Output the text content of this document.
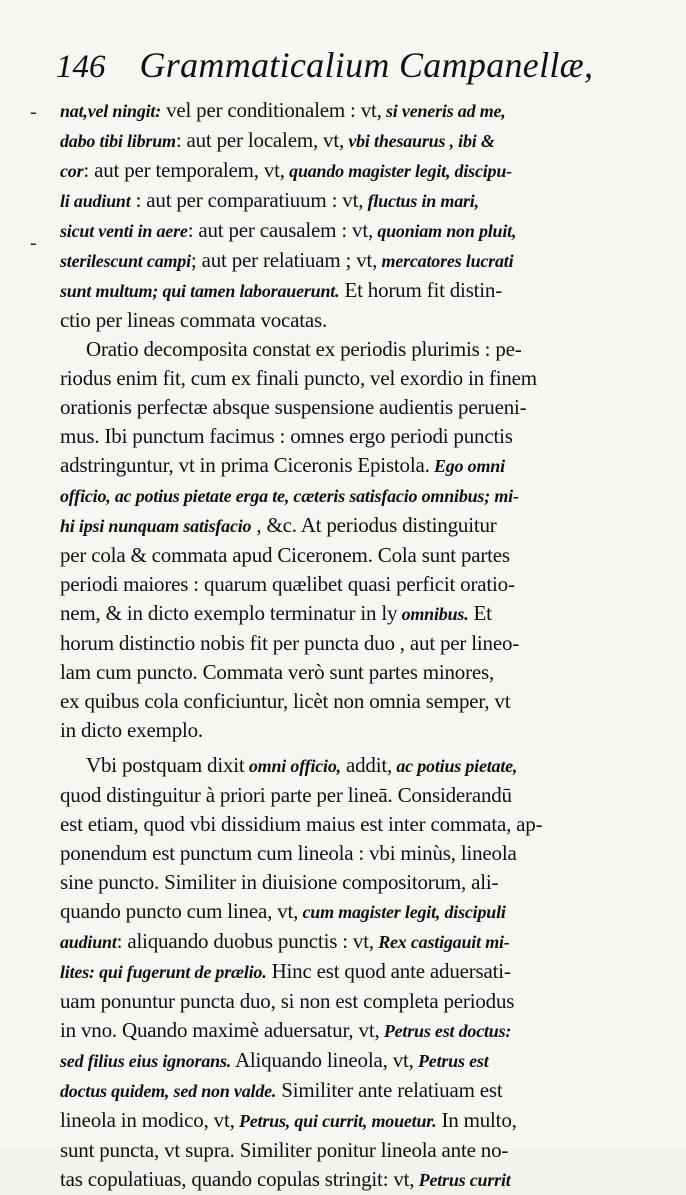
146 Grammaticalium Campanellæ,
-
-
nat,vel ningit: vel per conditionalem : vt, si veneris ad me,
dabo tibi librum: aut per localem, vt, vbi thesaurus , ibi &
cor: aut per temporalem, vt, quando magister legit, discipu-
li audiunt : aut per comparatiuum : vt, fluctus in mari,
sicut venti in aere: aut per causalem : vt, quoniam non pluit,
sterilescunt campi; aut per relatiuam ; vt, mercatores lucrati
sunt multum; qui tamen laborauerunt. Et horum fit distin-
ctio per lineas commata vocatas.
Oratio decomposita constat ex periodis plurimis : pe-
riodus enim fit, cum ex finali puncto, vel exordio in finem
orationis perfectæ absque suspensione audientis perueni-
mus. Ibi punctum facimus : omnes ergo periodi punctis
adstringuntur, vt in prima Ciceronis Epistola. Ego omni
officio, ac potius pietate erga te, cæteris satisfacio omnibus; mi-
hi ipsi nunquam satisfacio , &c. At periodus distinguitur
per cola & commata apud Ciceronem. Cola sunt partes
periodi maiores : quarum quælibet quasi perficit oratio-
nem, & in dicto exemplo terminatur in ly omnibus. Et
horum distinctio nobis fit per puncta duo , aut per lineo-
lam cum puncto. Commata verò sunt partes minores,
ex quibus cola conficiuntur, licèt non omnia semper, vt
in dicto exemplo.
Vbi postquam dixit omni officio, addit, ac potius pietate,
quod distinguitur à priori parte per lineā. Considerandū
est etiam, quod vbi dissidium maius est inter commata, ap-
ponendum est punctum cum lineola : vbi minùs, lineola
sine puncto. Similiter in diuisione compositorum, ali-
quando puncto cum linea, vt, cum magister legit, discipuli
audiunt: aliquando duobus punctis : vt, Rex castigauit mi-
lites: qui fugerunt de prælio. Hinc est quod ante aduersati-
uam ponuntur puncta duo, si non est completa periodus
in vno. Quando maximè aduersatur, vt, Petrus est doctus:
sed filius eius ignorans. Aliquando lineola, vt, Petrus est
doctus quidem, sed non valde. Similiter ante relatiuam est
lineola in modico, vt, Petrus, qui currit, mouetur. In multo,
sunt puncta, vt supra. Similiter ponitur lineola ante no-
tas copulatiuas, quando copulas stringit: vt, Petrus currit
